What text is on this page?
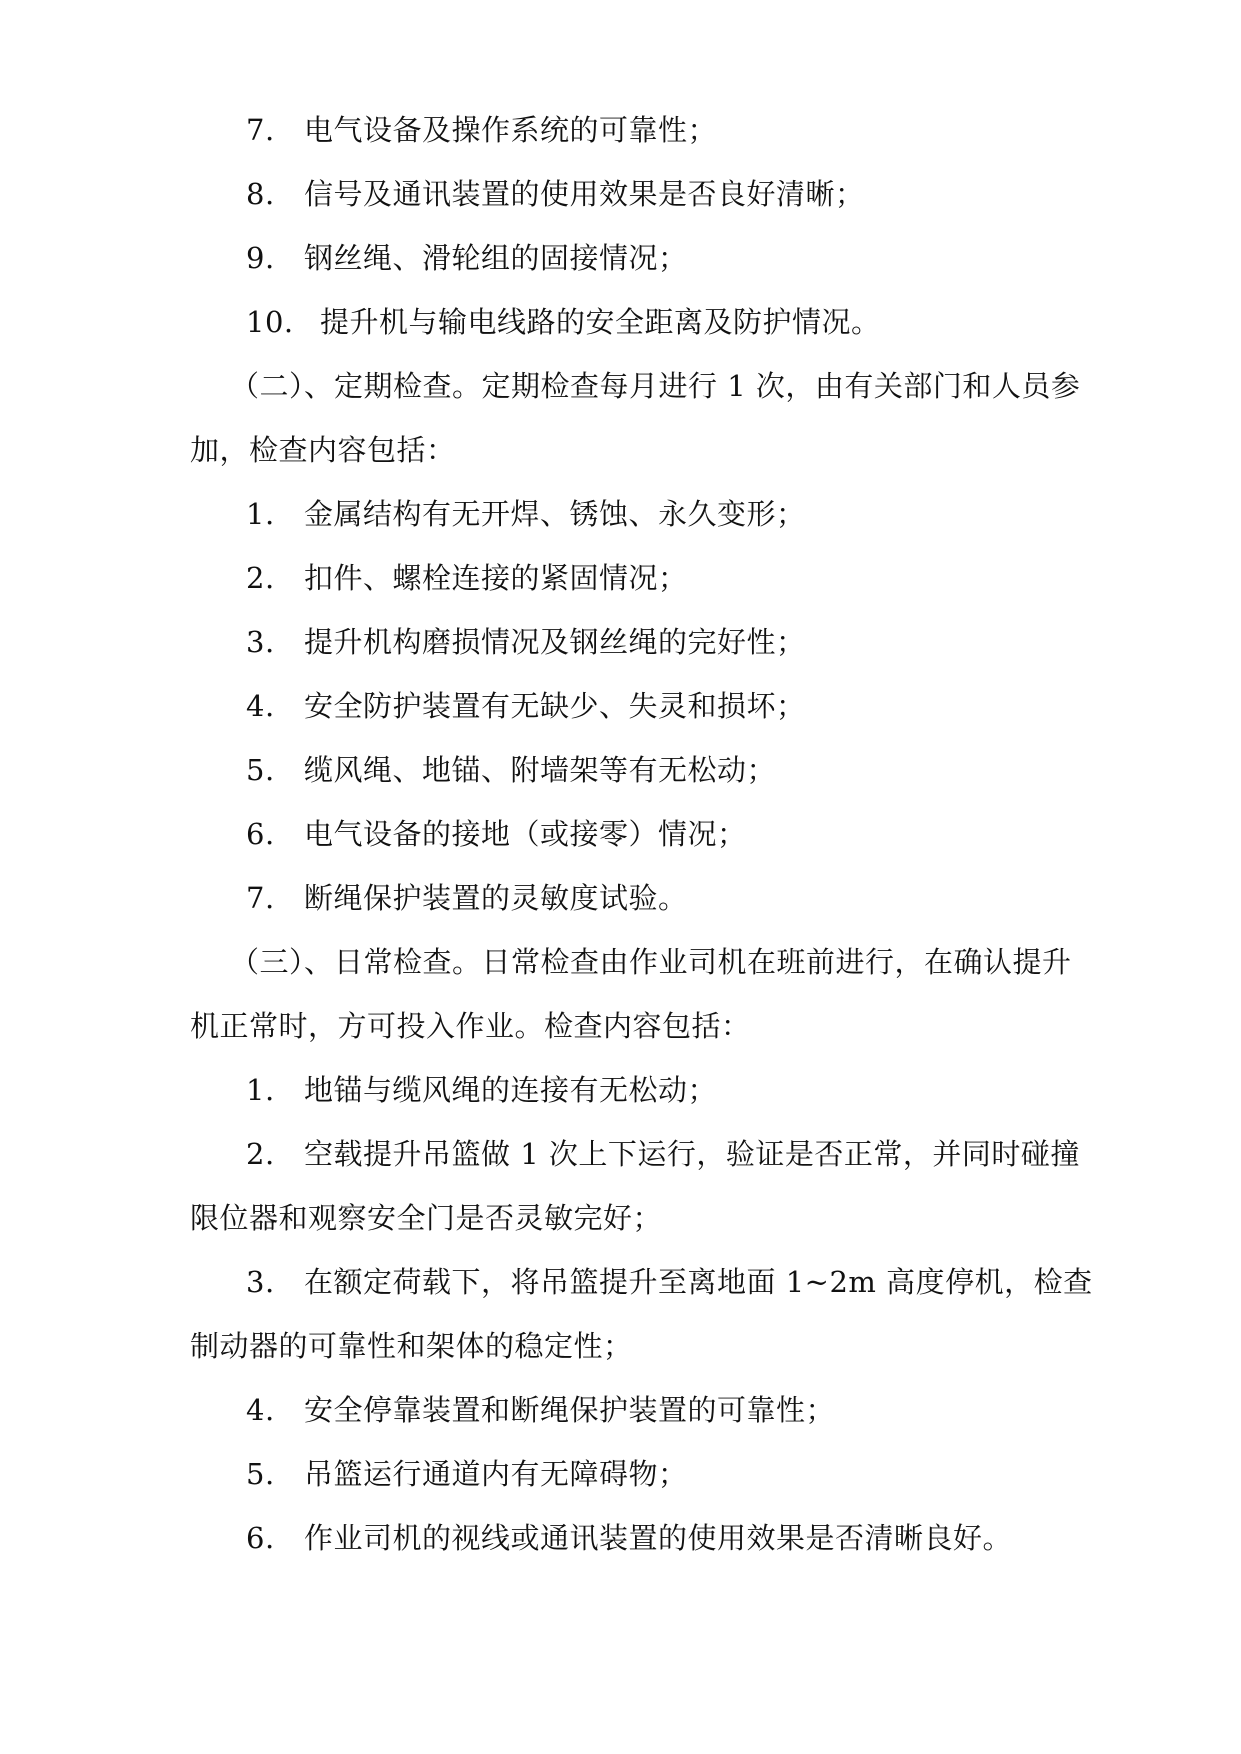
7. 电气设备及操作系统的可靠性；
8. 信号及通讯装置的使用效果是否良好清晰；
9. 钢丝绳、滑轮组的固接情况；
10. 提升机与输电线路的安全距离及防护情况。
（二）、定期检查。定期检查每月进行 1 次，由有关部门和人员参
加，检查内容包括：
1. 金属结构有无开焊、锈蚀、永久变形；
2. 扣件、螺栓连接的紧固情况；
3. 提升机构磨损情况及钢丝绳的完好性；
4. 安全防护装置有无缺少、失灵和损坏；
5. 缆风绳、地锚、附墙架等有无松动；
6. 电气设备的接地（或接零）情况；
7. 断绳保护装置的灵敏度试验。
（三）、日常检查。日常检查由作业司机在班前进行，在确认提升
机正常时，方可投入作业。检查内容包括：
1. 地锚与缆风绳的连接有无松动；
2. 空载提升吊篮做 1 次上下运行，验证是否正常，并同时碰撞
限位器和观察安全门是否灵敏完好；
3. 在额定荷载下，将吊篮提升至离地面 1~2m 高度停机，检查
制动器的可靠性和架体的稳定性；
4. 安全停靠装置和断绳保护装置的可靠性；
5. 吊篮运行通道内有无障碍物；
6. 作业司机的视线或通讯装置的使用效果是否清晰良好。
